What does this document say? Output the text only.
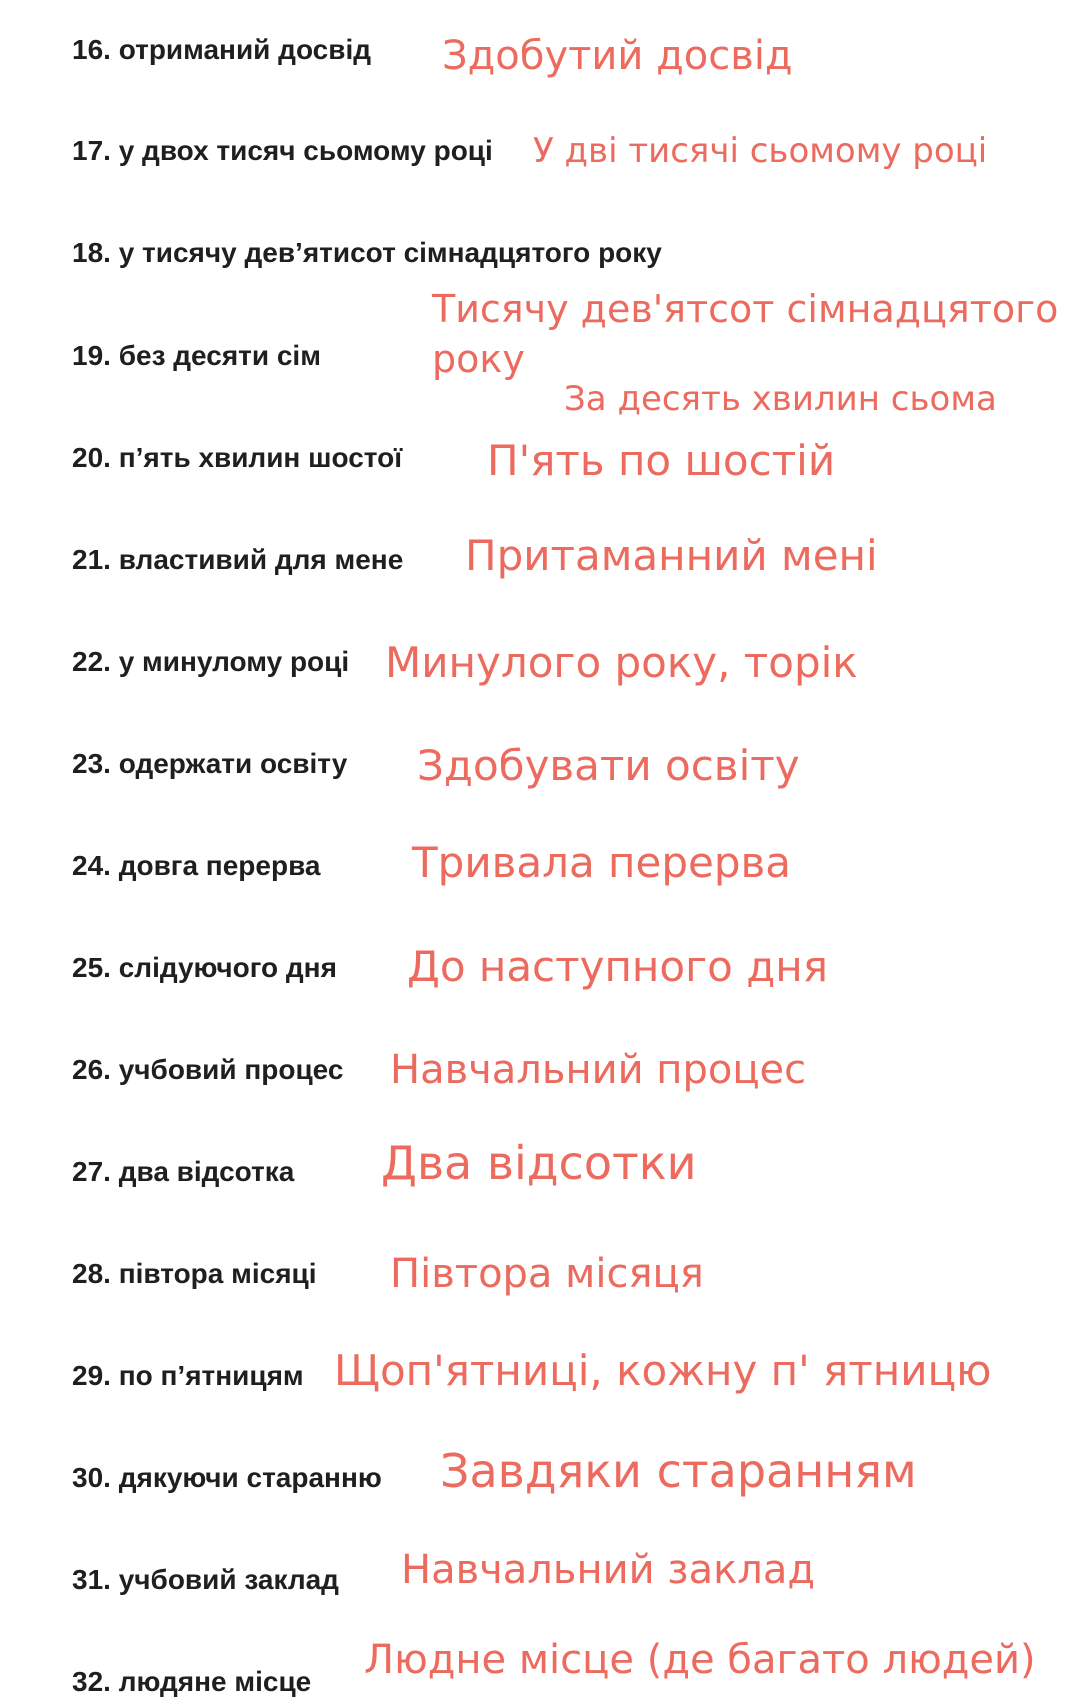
16. отриманий досвід Здобутий досвід
17. у двох тисяч сьомому році У дві тисячі сьомому році
18. у тисячу дев’ятисот сімнадцятого року
Тисячу дев'ятсот сімнадцятого
року
За десять хвилин сьома
19. без десяти сім
20. п’ять хвилин шостої П'ять по шостій
21. властивий для мене Притаманний мені
22. у минулому році Минулого року, торік
23. одержати освіту Здобувати освіту
24. довга перерва Тривала перерва
25. слідуючого дня До наступного дня
26. учбовий процес Навчальний процес
27. два відсотка Два відсотки
28. півтора місяці Півтора місяця
29. по п’ятницям Щоп'ятниці, кожну п' ятницю
30. дякуючи старанню Завдяки старанням
31. учбовий заклад Навчальний заклад
32. людяне місце Людне місце (де багато людей)
